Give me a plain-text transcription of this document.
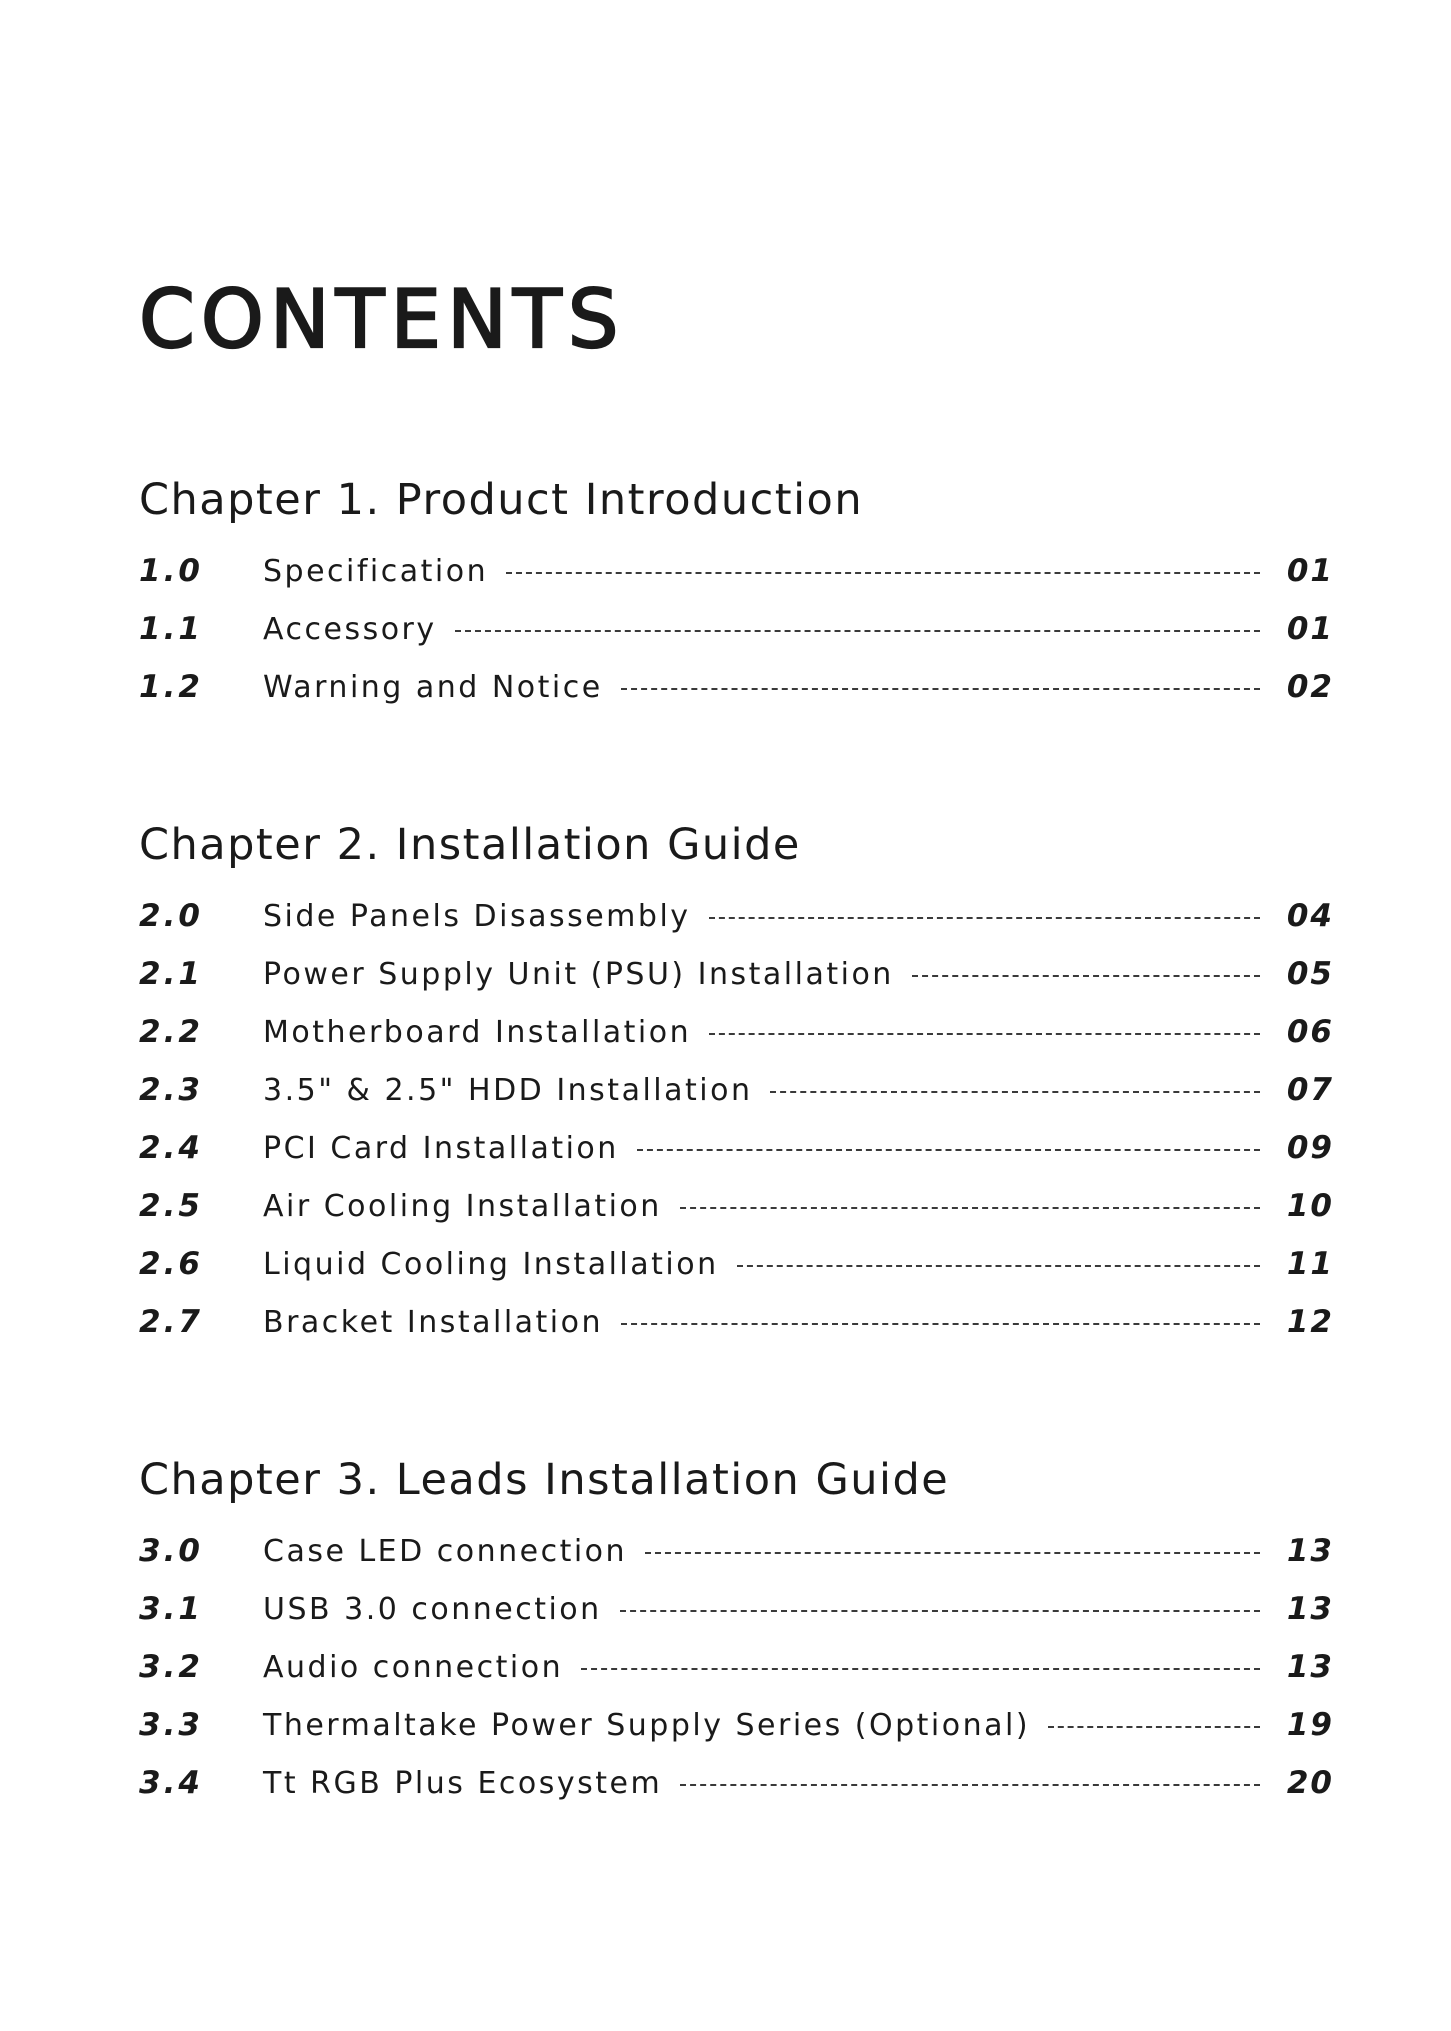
CONTENTS
Chapter 1. Product Introduction
1.0	Specification	01
1.1	Accessory	01
1.2	Warning and Notice	02
Chapter 2. Installation Guide
2.0	Side Panels Disassembly	04
2.1	Power Supply Unit (PSU) Installation	05
2.2	Motherboard Installation	06
2.3	3.5" & 2.5" HDD Installation	07
2.4	PCI Card Installation	09
2.5	Air Cooling Installation	10
2.6	Liquid Cooling Installation	11
2.7	Bracket Installation	12
Chapter 3. Leads Installation Guide
3.0	Case LED connection	13
3.1	USB 3.0 connection	13
3.2	Audio connection	13
3.3	Thermaltake Power Supply Series (Optional)	19
3.4	Tt RGB Plus Ecosystem	20
